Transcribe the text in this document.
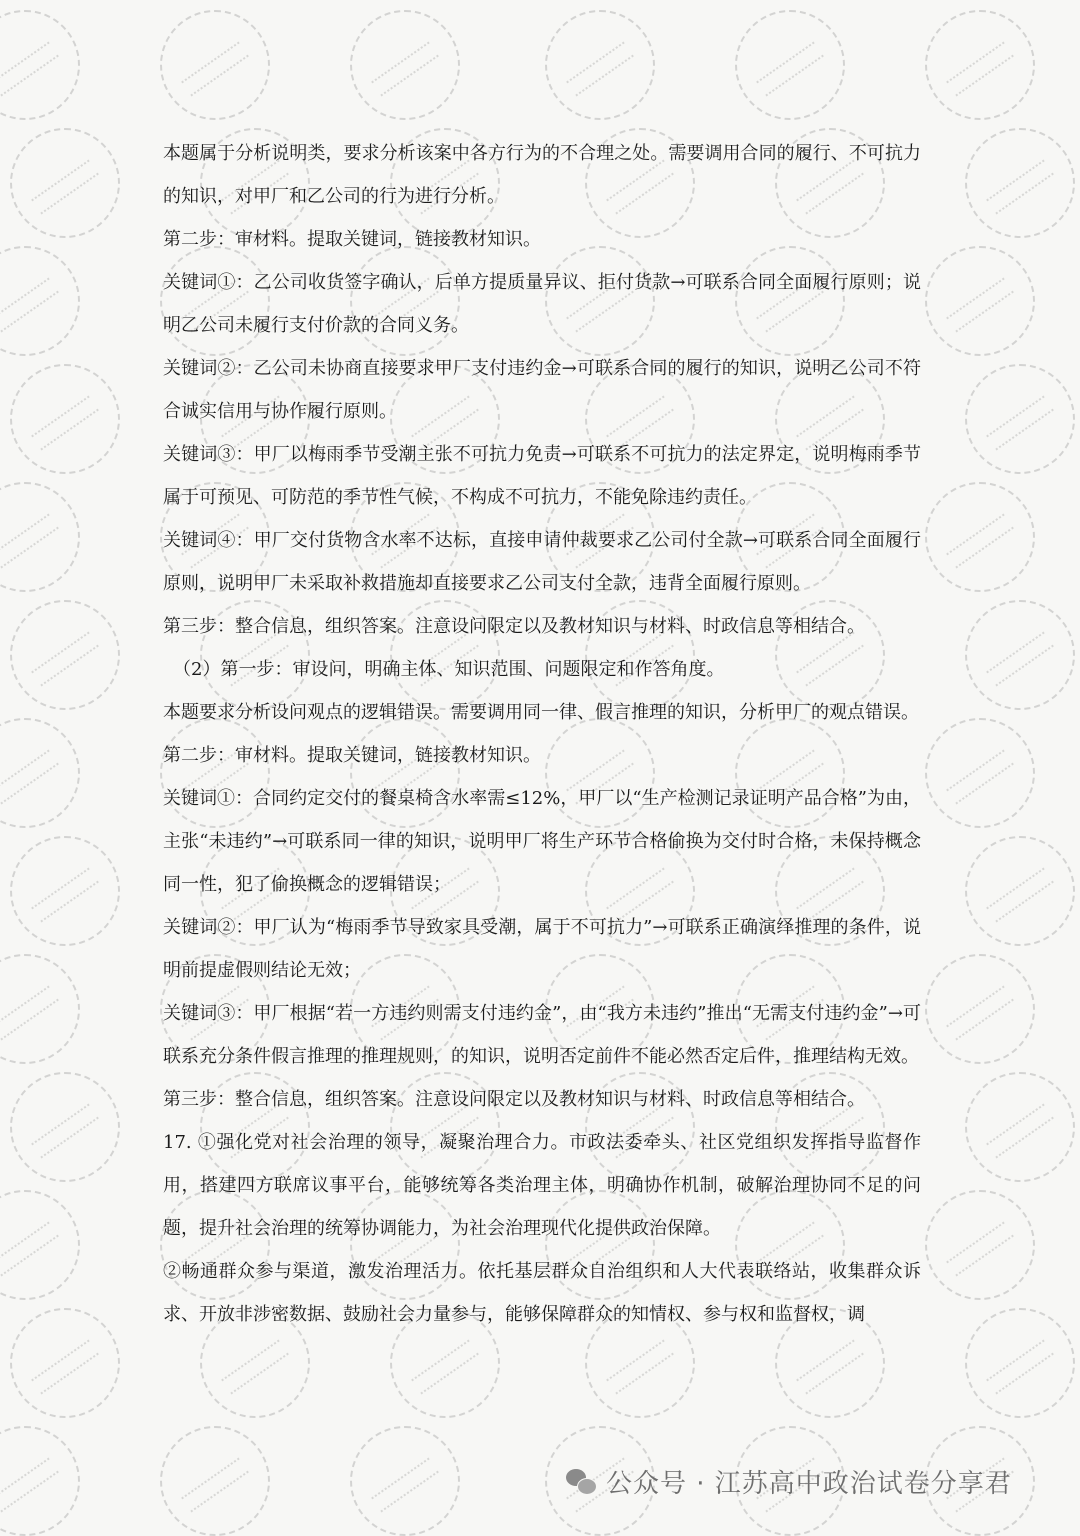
本题属于分析说明类，要求分析该案中各方行为的不合理之处。需要调用合同的履行、不可抗力的知识，对甲厂和乙公司的行为进行分析。

第二步：审材料。提取关键词，链接教材知识。

关键词①：乙公司收货签字确认，后单方提质量异议、拒付货款→可联系合同全面履行原则；说明乙公司未履行支付价款的合同义务。

关键词②：乙公司未协商直接要求甲厂支付违约金→可联系合同的履行的知识，说明乙公司不符合诚实信用与协作履行原则。

关键词③：甲厂以梅雨季节受潮主张不可抗力免责→可联系不可抗力的法定界定，说明梅雨季节属于可预见、可防范的季节性气候，不构成不可抗力，不能免除违约责任。

关键词④：甲厂交付货物含水率不达标，直接申请仲裁要求乙公司付全款→可联系合同全面履行原则，说明甲厂未采取补救措施却直接要求乙公司支付全款，违背全面履行原则。

第三步：整合信息，组织答案。注意设问限定以及教材知识与材料、时政信息等相结合。

（2）第一步：审设问，明确主体、知识范围、问题限定和作答角度。

本题要求分析设问观点的逻辑错误。需要调用同一律、假言推理的知识，分析甲厂的观点错误。

第二步：审材料。提取关键词，链接教材知识。

关键词①：合同约定交付的餐桌椅含水率需≤12%，甲厂以“生产检测记录证明产品合格”为由，主张“未违约”→可联系同一律的知识，说明甲厂将生产环节合格偷换为交付时合格，未保持概念同一性，犯了偷换概念的逻辑错误；

关键词②：甲厂认为“梅雨季节导致家具受潮，属于不可抗力”→可联系正确演绎推理的条件，说明前提虚假则结论无效；

关键词③：甲厂根据“若一方违约则需支付违约金”，由“我方未违约”推出“无需支付违约金”→可联系充分条件假言推理的推理规则，的知识，说明否定前件不能必然否定后件，推理结构无效。

第三步：整合信息，组织答案。注意设问限定以及教材知识与材料、时政信息等相结合。

17. ①强化党对社会治理的领导，凝聚治理合力。市政法委牵头、社区党组织发挥指导监督作用，搭建四方联席议事平台，能够统筹各类治理主体，明确协作机制，破解治理协同不足的问题，提升社会治理的统筹协调能力，为社会治理现代化提供政治保障。

②畅通群众参与渠道，激发治理活力。依托基层群众自治组织和人大代表联络站，收集群众诉求、开放非涉密数据、鼓励社会力量参与，能够保障群众的知情权、参与权和监督权，调

公众号 · 江苏高中政治试卷分享君
